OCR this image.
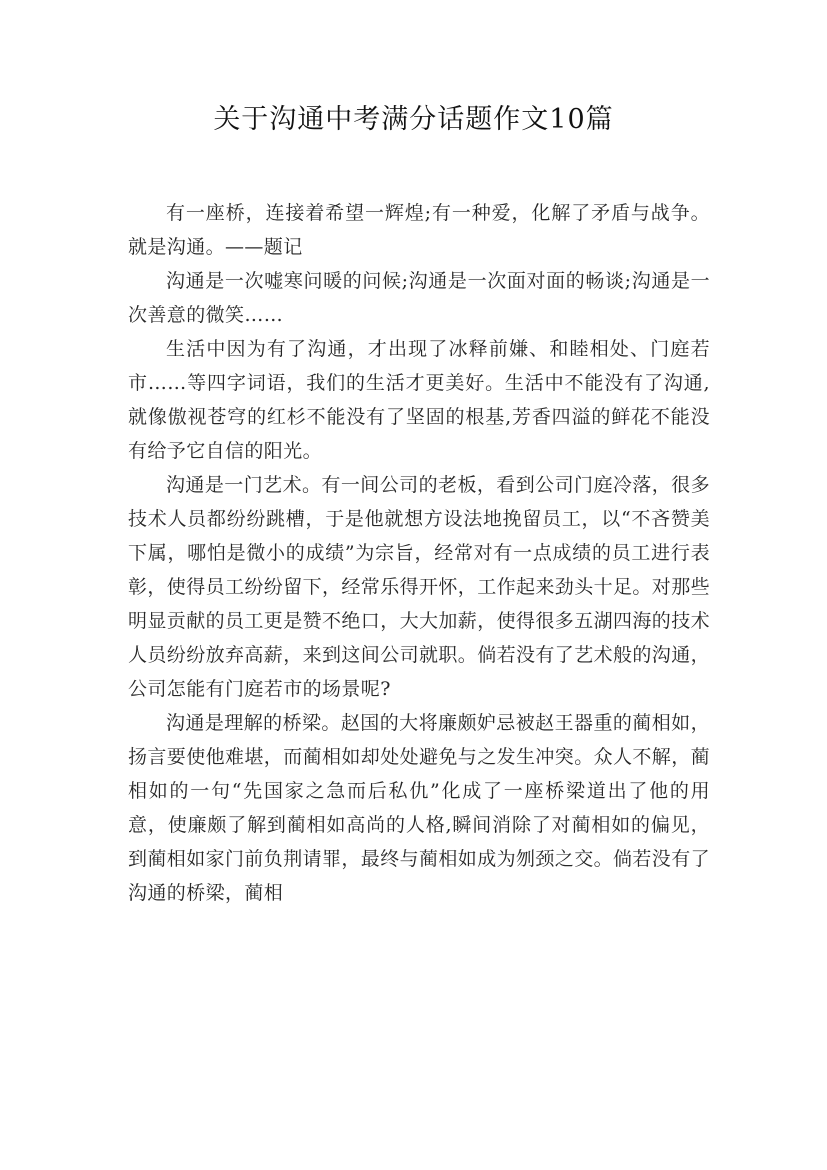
关于沟通中考满分话题作文10篇

有一座桥，连接着希望一辉煌;有一种爱，化解了矛盾与战争。就是沟通。——题记

沟通是一次嘘寒问暖的问候;沟通是一次面对面的畅谈;沟通是一次善意的微笑……

生活中因为有了沟通，才出现了冰释前嫌、和睦相处、门庭若市……等四字词语，我们的生活才更美好。生活中不能没有了沟通,就像傲视苍穹的红杉不能没有了坚固的根基,芳香四溢的鲜花不能没有给予它自信的阳光。

沟通是一门艺术。有一间公司的老板，看到公司门庭冷落，很多技术人员都纷纷跳槽，于是他就想方设法地挽留员工，以“不吝赞美下属，哪怕是微小的成绩”为宗旨，经常对有一点成绩的员工进行表彰，使得员工纷纷留下，经常乐得开怀，工作起来劲头十足。对那些明显贡献的员工更是赞不绝口，大大加薪，使得很多五湖四海的技术人员纷纷放弃高薪，来到这间公司就职。倘若没有了艺术般的沟通，公司怎能有门庭若市的场景呢?

沟通是理解的桥梁。赵国的大将廉颇妒忌被赵王器重的蔺相如，扬言要使他难堪，而蔺相如却处处避免与之发生冲突。众人不解，蔺相如的一句“先国家之急而后私仇”化成了一座桥梁道出了他的用意，使廉颇了解到蔺相如高尚的人格,瞬间消除了对蔺相如的偏见，到蔺相如家门前负荆请罪，最终与蔺相如成为刎颈之交。倘若没有了沟通的桥梁，蔺相
